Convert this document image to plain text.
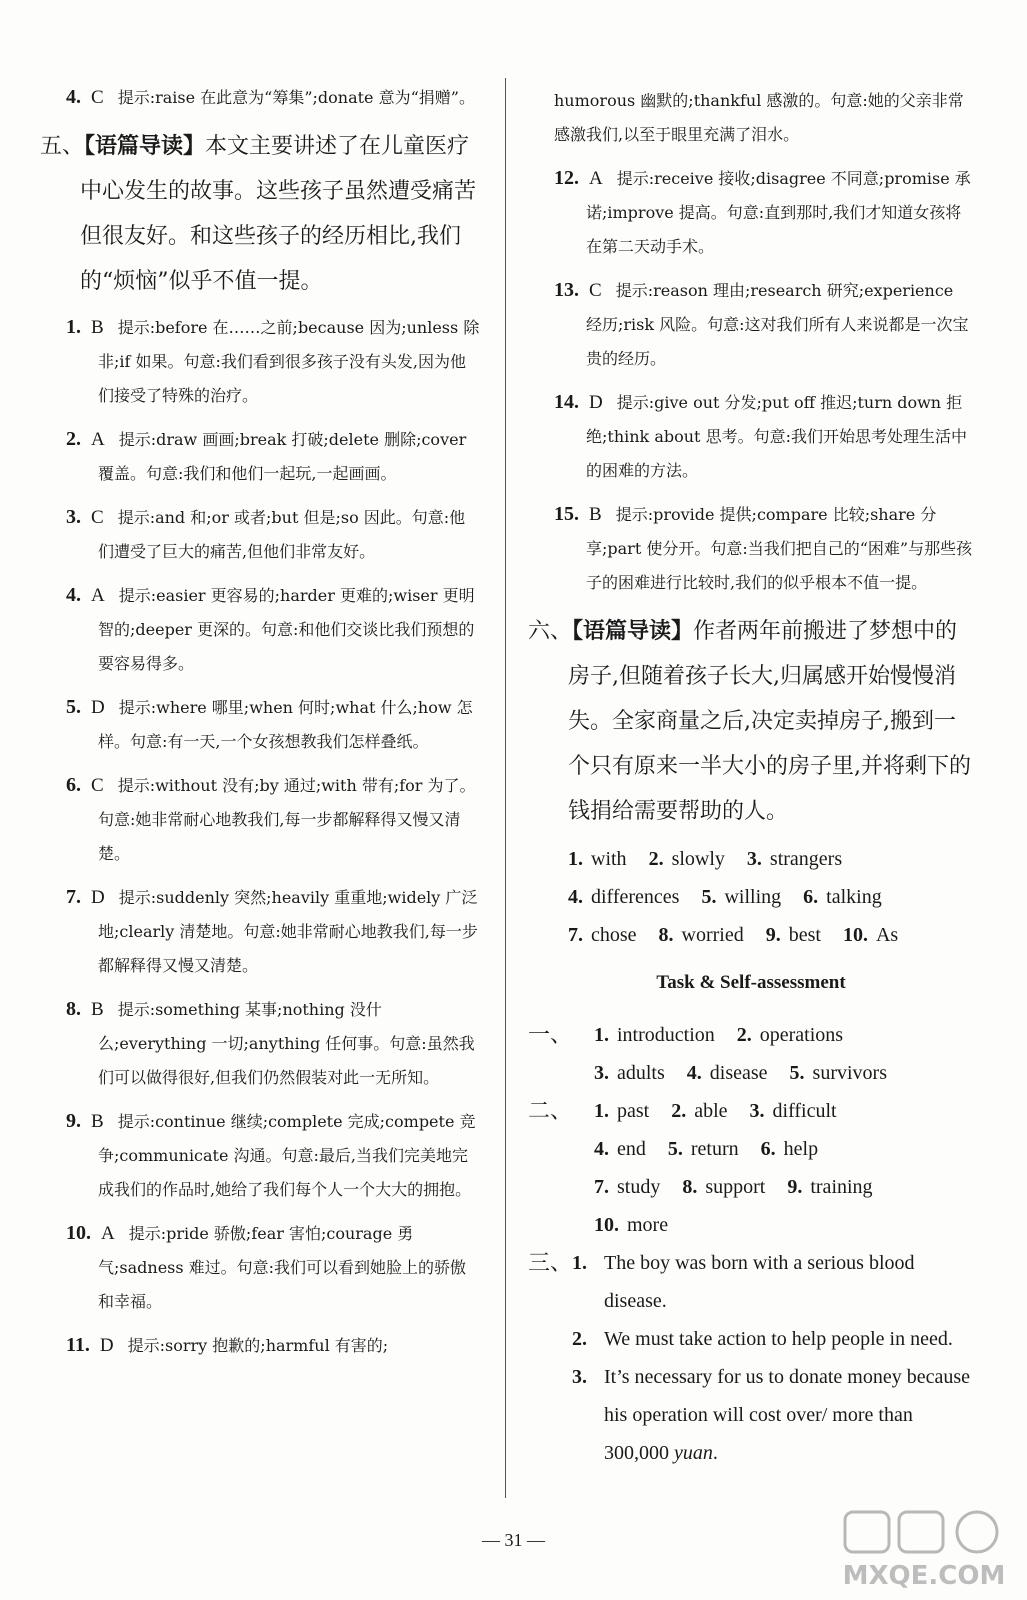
4. C 提示:raise 在此意为“筹集”;donate 意为“捐赠”。
五、【语篇导读】本文主要讲述了在儿童医疗中心发生的故事。这些孩子虽然遭受痛苦但很友好。和这些孩子的经历相比,我们的“烦恼”似乎不值一提。
1. B 提示:before 在……之前;because 因为;unless 除非;if 如果。句意:我们看到很多孩子没有头发,因为他们接受了特殊的治疗。
2. A 提示:draw 画画;break 打破;delete 删除;cover 覆盖。句意:我们和他们一起玩,一起画画。
3. C 提示:and 和;or 或者;but 但是;so 因此。句意:他们遭受了巨大的痛苦,但他们非常友好。
4. A 提示:easier 更容易的;harder 更难的;wiser 更明智的;deeper 更深的。句意:和他们交谈比我们预想的要容易得多。
5. D 提示:where 哪里;when 何时;what 什么;how 怎样。句意:有一天,一个女孩想教我们怎样叠纸。
6. C 提示:without 没有;by 通过;with 带有;for 为了。句意:她非常耐心地教我们,每一步都解释得又慢又清楚。
7. D 提示:suddenly 突然;heavily 重重地;widely 广泛地;clearly 清楚地。句意:她非常耐心地教我们,每一步都解释得又慢又清楚。
8. B 提示:something 某事;nothing 没什么;everything 一切;anything 任何事。句意:虽然我们可以做得很好,但我们仍然假装对此一无所知。
9. B 提示:continue 继续;complete 完成;compete 竞争;communicate 沟通。句意:最后,当我们完美地完成我们的作品时,她给了我们每个人一个大大的拥抱。
10. A 提示:pride 骄傲;fear 害怕;courage 勇气;sadness 难过。句意:我们可以看到她脸上的骄傲和幸福。
11. D 提示:sorry 抱歉的;harmful 有害的;
humorous 幽默的;thankful 感激的。句意:她的父亲非常感激我们,以至于眼里充满了泪水。
12. A 提示:receive 接收;disagree 不同意;promise 承诺;improve 提高。句意:直到那时,我们才知道女孩将在第二天动手术。
13. C 提示:reason 理由;research 研究;experience 经历;risk 风险。句意:这对我们所有人来说都是一次宝贵的经历。
14. D 提示:give out 分发;put off 推迟;turn down 拒绝;think about 思考。句意:我们开始思考处理生活中的困难的方法。
15. B 提示:provide 提供;compare 比较;share 分享;part 使分开。句意:当我们把自己的“困难”与那些孩子的困难进行比较时,我们的似乎根本不值一提。
六、【语篇导读】作者两年前搬进了梦想中的房子,但随着孩子长大,归属感开始慢慢消失。全家商量之后,决定卖掉房子,搬到一个只有原来一半大小的房子里,并将剩下的钱捐给需要帮助的人。
1. with 2. slowly 3. strangers
4. differences 5. willing 6. talking
7. chose 8. worried 9. best 10. As
Task & Self-assessment
一、 1. introduction 2. operations
3. adults 4. disease 5. survivors
二、 1. past 2. able 3. difficult
4. end 5. return 6. help
7. study 8. support 9. training
10. more
三、 1. The boy was born with a serious blood disease.
2. We must take action to help people in need.
3. It’s necessary for us to donate money because his operation will cost over/ more than 300,000 yuan.
— 31 —
MXQE.COM
